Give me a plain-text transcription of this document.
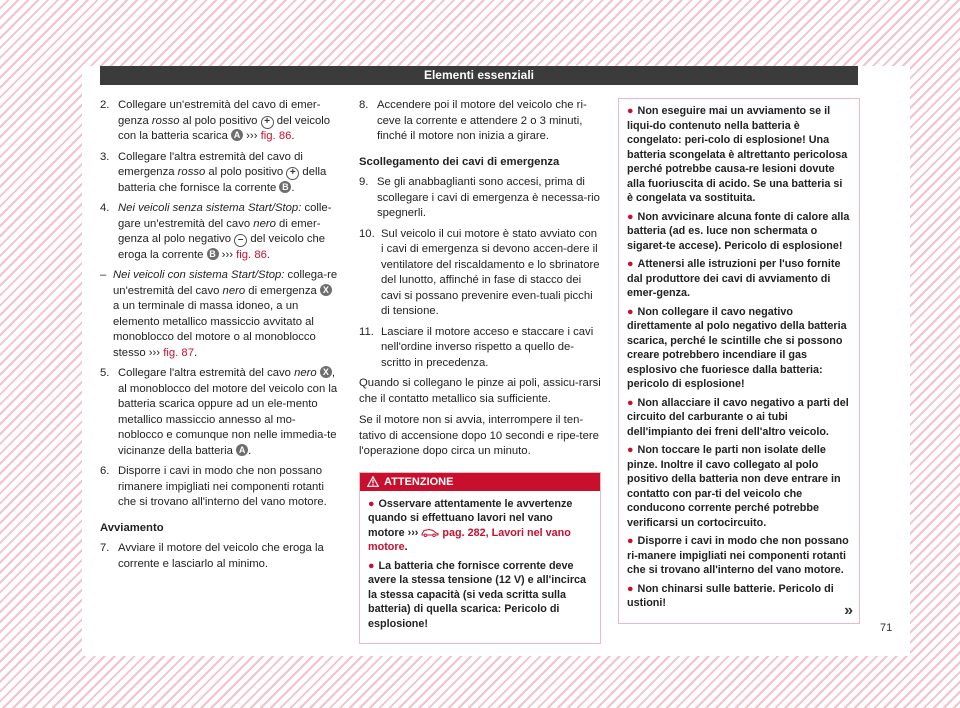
Elementi essenziali
2. Collegare un'estremità del cavo di emer-genza rosso al polo positivo + del veicolo con la batteria scarica A ››› fig. 86.
3. Collegare l'altra estremità del cavo di emergenza rosso al polo positivo + della batteria che fornisce la corrente B .
4. Nei veicoli senza sistema Start/Stop: colle-gare un'estremità del cavo nero di emer-genza al polo negativo – del veicolo che eroga la corrente B ››› fig. 86.
– Nei veicoli con sistema Start/Stop: collega-re un'estremità del cavo nero di emergenza X a un terminale di massa idoneo, a un elemento metallico massiccio avvitato al monoblocco del motore o al monoblocco stesso ››› fig. 87.
5. Collegare l'altra estremità del cavo nero X , al monoblocco del motore del veicolo con la batteria scarica oppure ad un ele-mento metallico massiccio annesso al mo-noblocco e comunque non nelle immedia-te vicinanze della batteria A .
6. Disporre i cavi in modo che non possano rimanere impigliati nei componenti rotanti che si trovano all'interno del vano motore.
Avviamento
7. Avviare il motore del veicolo che eroga la corrente e lasciarlo al minimo.
8. Accendere poi il motore del veicolo che ri-ceve la corrente e attendere 2 o 3 minuti, finché il motore non inizia a girare.
Scollegamento dei cavi di emergenza
9. Se gli anabbaglianti sono accesi, prima di scollegare i cavi di emergenza è necessa-rio spegnerli.
10. Sul veicolo il cui motore è stato avviato con i cavi di emergenza si devono accen-dere il ventilatore del riscaldamento e lo sbrinatore del lunotto, affinché in fase di stacco dei cavi si possano prevenire even-tuali picchi di tensione.
11. Lasciare il motore acceso e staccare i cavi nell'ordine inverso rispetto a quello de-scritto in precedenza.

Quando si collegano le pinze ai poli, assicu-rarsi che il contatto metallico sia sufficiente.

Se il motore non si avvia, interrompere il ten-tativo di accensione dopo 10 secondi e ripe-tere l'operazione dopo circa un minuto.

ATTENZIONE
● Osservare attentamente le avvertenze quando si effettuano lavori nel vano motore ›››  pag. 282, Lavori nel vano motore.
● La batteria che fornisce corrente deve avere la stessa tensione (12 V) e all'incirca la stessa capacità (si veda scritta sulla batteria) di quella scarica: Pericolo di esplosione!
● Non eseguire mai un avviamento se il liqui-do contenuto nella batteria è congelato: peri-colo di esplosione! Una batteria scongelata è altrettanto pericolosa perché potrebbe causa-re lesioni dovute alla fuoriuscita di acido. Se una batteria si è congelata va sostituita.
● Non avvicinare alcuna fonte di calore alla batteria (ad es. luce non schermata o sigaret-te accese). Pericolo di esplosione!
● Attenersi alle istruzioni per l'uso fornite dal produttore dei cavi di avviamento di emer-genza.
● Non collegare il cavo negativo direttamente al polo negativo della batteria scarica, perché le scintille che si possono creare potrebbero incendiare il gas esplosivo che fuoriesce dalla batteria: pericolo di esplosione!
● Non allacciare il cavo negativo a parti del circuito del carburante o ai tubi dell'impianto dei freni dell'altro veicolo.
● Non toccare le parti non isolate delle pinze. Inoltre il cavo collegato al polo positivo della batteria non deve entrare in contatto con par-ti del veicolo che conducono corrente perché potrebbe verificarsi un cortocircuito.
● Disporre i cavi in modo che non possano ri-manere impigliati nei componenti rotanti che si trovano all'interno del vano motore.
● Non chinarsi sulle batterie. Pericolo di ustioni!	»
71
